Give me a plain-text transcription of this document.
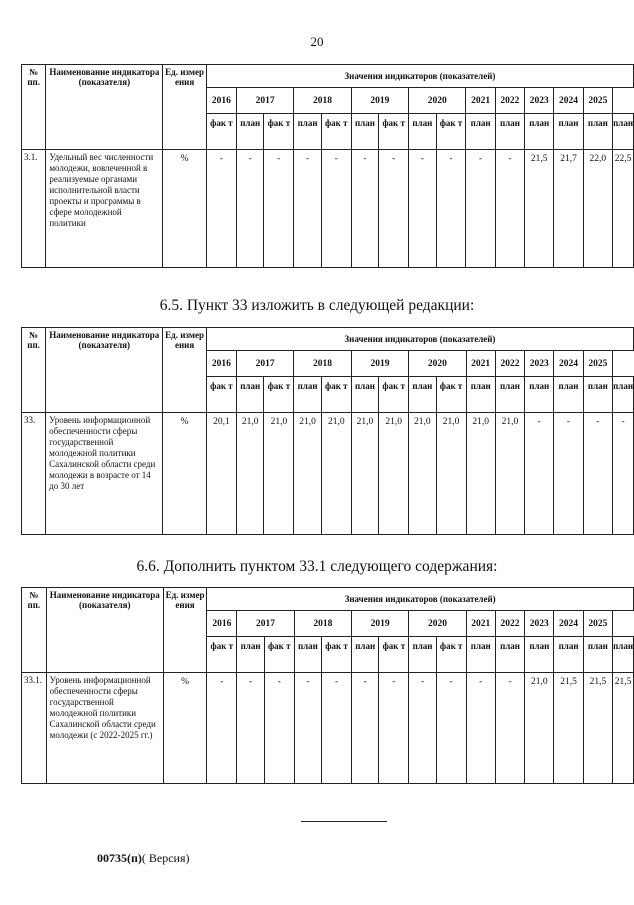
20
6.5. Пункт 33 изложить в следующей редакции:
6.6. Дополнить пунктом 33.1 следующего содержания:
00735(п)( Версия)
№ пп.	Наименование индикатора (показателя)	Ед. измер ения	Значения индикаторов (показателей)														
			2016	2017		2018		2019		2020		2021	2022	2023	2024	2025	
			фак т	план	фак т	план	фак т	план	фак т	план	фак т	план	план	план	план	план	план
3.1.	Удельный вес численности молодежи, вовлеченной в реализуемые органами исполнительной власти проекты и программы в сфере молодежной политики	%	-	-	-	-	-	-	-	-	-	-	-	21,5	21,7	22,0	22,5
№ пп.	Наименование индикатора (показателя)	Ед. измер ения	Значения индикаторов (показателей)														
			2016	2017		2018		2019		2020		2021	2022	2023	2024	2025	
			фак т	план	фак т	план	фак т	план	фак т	план	фак т	план	план	план	план	план	план
33.	Уровень информационной обеспеченности сферы государственной молодежной политики Сахалинской области среди молодежи в возрасте от 14 до 30 лет	%	20,1	21,0	21,0	21,0	21,0	21,0	21,0	21,0	21,0	21,0	21,0	-	-	-	-
№ пп.	Наименование индикатора (показателя)	Ед. измер ения	Значения индикаторов (показателей)														
			2016	2017		2018		2019		2020		2021	2022	2023	2024	2025	
			фак т	план	фак т	план	фак т	план	фак т	план	фак т	план	план	план	план	план	план
33.1.	Уровень информационной обеспеченности сферы государственной молодежной политики Сахалинской области среди молодежи (с 2022-2025 гг.)	%	-	-	-	-	-	-	-	-	-	-	-	21,0	21,5	21,5	21,5
